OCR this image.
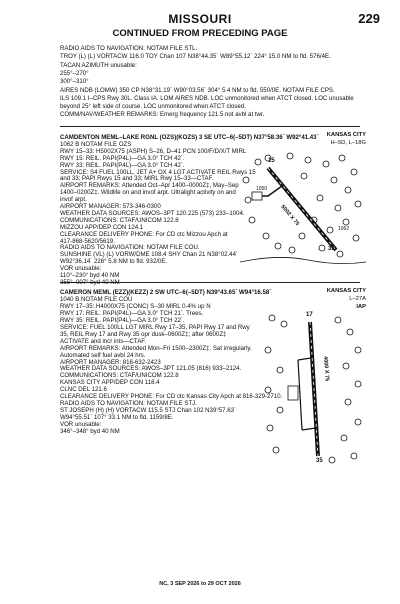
MISSOURI	229
CONTINUED FROM PRECEDING PAGE
RADIO AIDS TO NAVIGATION: NOTAM FILE STL.
TROY (L) (L) VORTACW 116.0 TOY Chan 107 N38°44.35´ W89°55.12´ 224° 15.0 NM to fld. 576/4E.
TACAN AZIMUTH unusable:
255°–270°
300°–310°
AIRES NDB (LOMW) 350 CP N38°31.19´ W90°03.56´ 304° 5.4 NM to fld. 550/0E. NOTAM FILE CPS.
ILS 109.1 I–CPS Rwy 30L. Class IA. LOM AIRES NDB. LOC unmonitored when ATCT closed. LOC unusable
beyond 25° left side of course. LOC unmonitored when ATCT closed.
COMM/NAV/WEATHER REMARKS: Emerg frequency 121.5 not avbl at twr.
KANSAS CITY
H–5D, L–18G
CAMDENTON MEML–LAKE RGNL (OZS)(KOZS) 3 SE UTC–6(–5DT) N37°58.36´ W92°41.43´
1062 B NOTAM FILE OZS
RWY 15–33: H5002X75 (ASPH) S–26, D–41 PCN 100/F/D/X/T MIRL
RWY 15: REIL. PAPI(P4L)—GA 3.0° TCH 42´.
RWY 33: REIL. PAPI(P4L)—GA 3.0° TCH 42´.
SERVICE: S4 FUEL 100LL, JET A+ OX 4 LGT ACTIVATE REIL Rwys 15
and 33; PAPI Rwys 15 and 33; MIRL Rwy 15–33—CTAF.
AIRPORT REMARKS: Attended Oct–Apr 1400–0000Z‡, May–Sep
1400–0200Z‡. Wildlife on and invof arpt. Ultralight activity on and
invof arpt.
AIRPORT MANAGER: 573-346-0300
WEATHER DATA SOURCES: AWOS–3PT 120.225 (573) 233–1004.
COMMUNICATIONS: CTAF/UNICOM 122.8
MIZZOU APP/DEP CON 124.1
CLEARANCE DELIVERY PHONE: For CD ctc Mizzou Apch at
417-868-5620/5619.
RADIO AIDS TO NAVIGATION: NOTAM FILE COU.
SUNSHINE (VL) (L) VORW/DME 108.4 SHY Chan 21 N38°02.44´
W92°36.14´ 226° 5.8 NM to fld. 932/0E.
VOR unusable:
110°–230° byd 40 NM
355°–007° byd 40 NM
15
33
5002 X 75
1050
1062
KANSAS CITY
L–27A
IAP
CAMERON MEML (EZZ)(KEZZ) 2 SW UTC–6(–5DT) N39°43.65´ W94°16.58´
1040 B NOTAM FILE COU
RWY 17–35: H4000X75 (CONC) S–30 MIRL 0.4% up N
RWY 17: REIL. PAPI(P4L)—GA 3.0° TCH 21´. Trees.
RWY 35: REIL. PAPI(P4L)—GA 3.0° TCH 22´.
SERVICE: FUEL 100LL LGT MIRL Rwy 17–35, PAPI Rwy 17 and Rwy
35, REIL Rwy 17 and Rwy 35 opr dusk–0600Z‡; after 0600Z‡
ACTIVATE and incr ints—CTAF.
AIRPORT REMARKS: Attended Mon–Fri 1500–2300Z‡. Sat irregularly.
Automated self fuel avbl 24 hrs.
AIRPORT MANAGER: 816-632-2423
WEATHER DATA SOURCES: AWOS–3PT 121.05 (816) 933–2124.
COMMUNICATIONS: CTAF/UNICOM 122.8
KANSAS CITY APP/DEP CON 118.4
CLNC DEL 121.6
CLEARANCE DELIVERY PHONE: For CD ctc Kansas City Apch at 816-329-2710.
RADIO AIDS TO NAVIGATION: NOTAM FILE STJ.
ST JOSEPH (H) (H) VORTACW 115.5 STJ Chan 102 N39°57.63´
W94°55.51´ 107° 33.1 NM to fld. 1159/8E.
VOR unusable:
346°–348° byd 40 NM
17
35
4000 X 75
NC, 3 SEP 2026 to 29 OCT 2026
